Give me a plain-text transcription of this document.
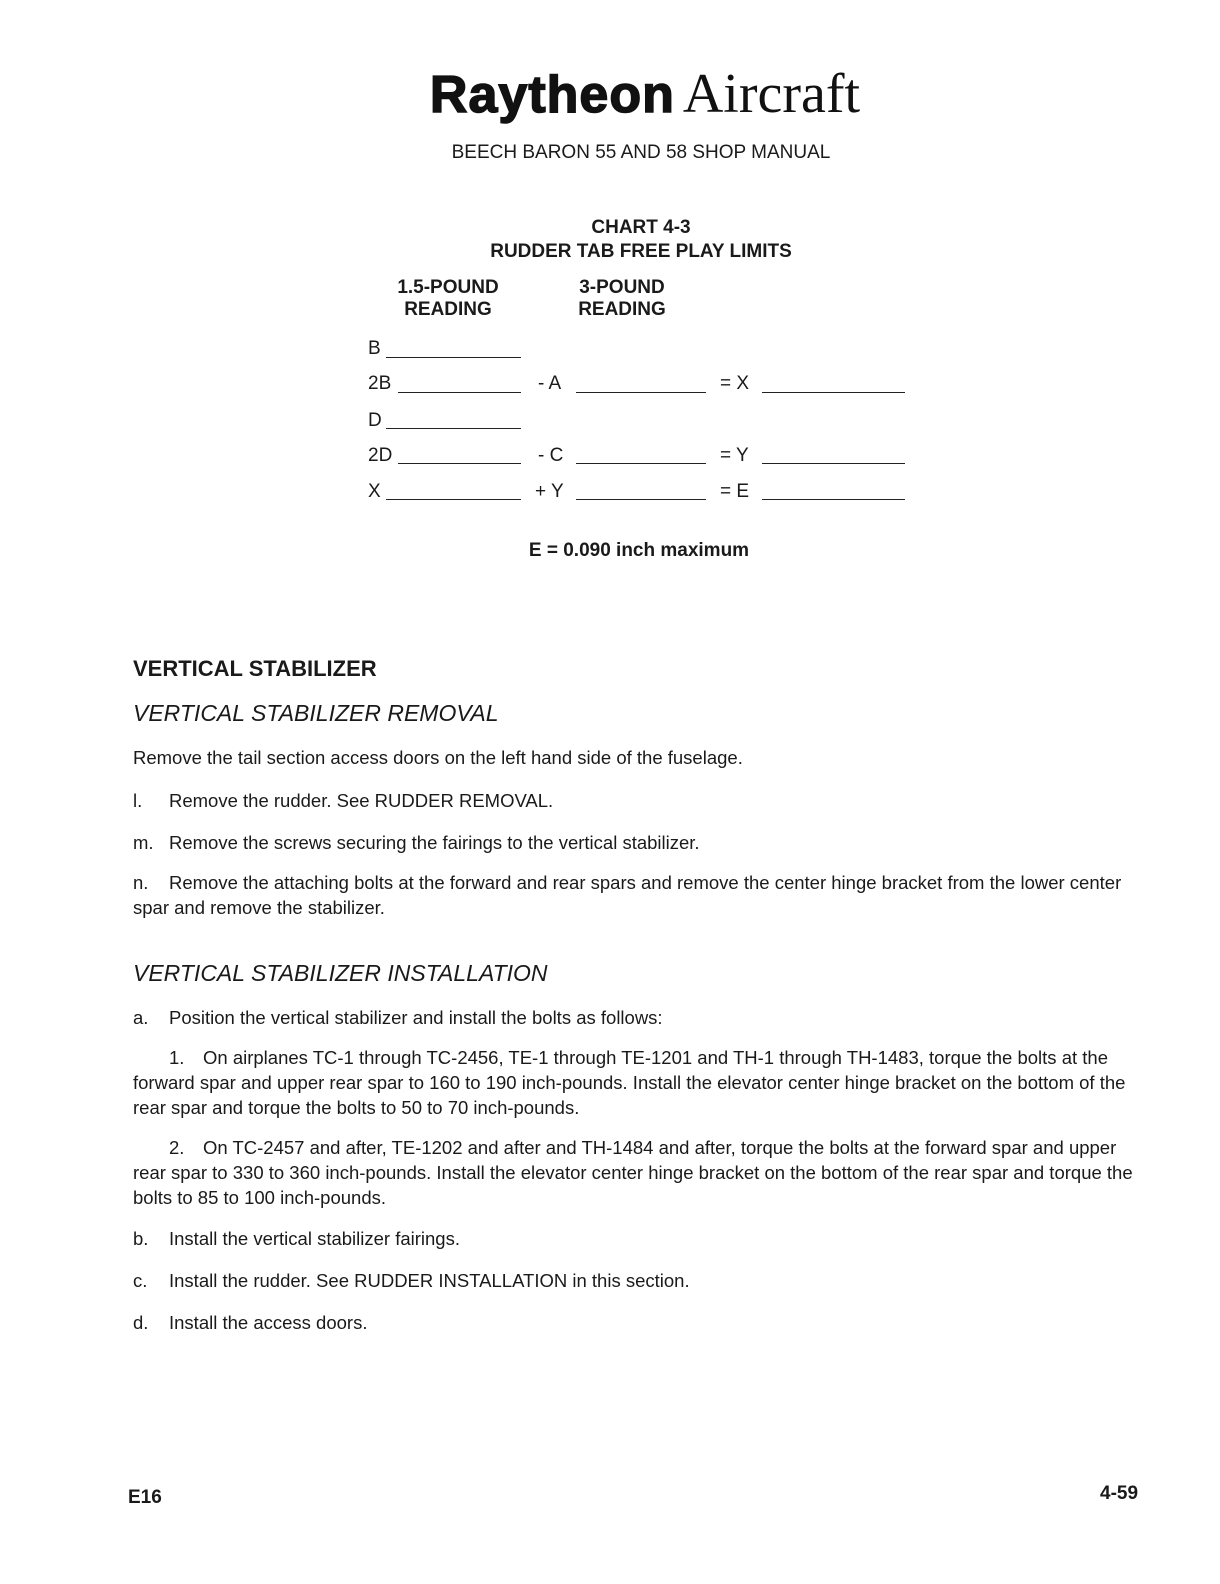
Raytheon Aircraft
BEECH BARON 55 AND 58 SHOP MANUAL
CHART 4-3
RUDDER TAB FREE PLAY LIMITS
1.5-POUND
READING
3-POUND
READING
B
2B	- A	= X
D
2D	- C	= Y
X	+ Y	= E
E = 0.090 inch maximum
VERTICAL STABILIZER
VERTICAL STABILIZER REMOVAL
Remove the tail section access doors on the left hand side of the fuselage.
l. Remove the rudder. See RUDDER REMOVAL.
m. Remove the screws securing the fairings to the vertical stabilizer.
n. Remove the attaching bolts at the forward and rear spars and remove the center hinge bracket from the lower center spar and remove the stabilizer.
VERTICAL STABILIZER INSTALLATION
a. Position the vertical stabilizer and install the bolts as follows:
1. On airplanes TC-1 through TC-2456, TE-1 through TE-1201 and TH-1 through TH-1483, torque the bolts at the forward spar and upper rear spar to 160 to 190 inch-pounds. Install the elevator center hinge bracket on the bottom of the rear spar and torque the bolts to 50 to 70 inch-pounds.
2. On TC-2457 and after, TE-1202 and after and TH-1484 and after, torque the bolts at the forward spar and upper rear spar to 330 to 360 inch-pounds. Install the elevator center hinge bracket on the bottom of the rear spar and torque the bolts to 85 to 100 inch-pounds.
b. Install the vertical stabilizer fairings.
c. Install the rudder. See RUDDER INSTALLATION in this section.
d. Install the access doors.
E16	4-59
